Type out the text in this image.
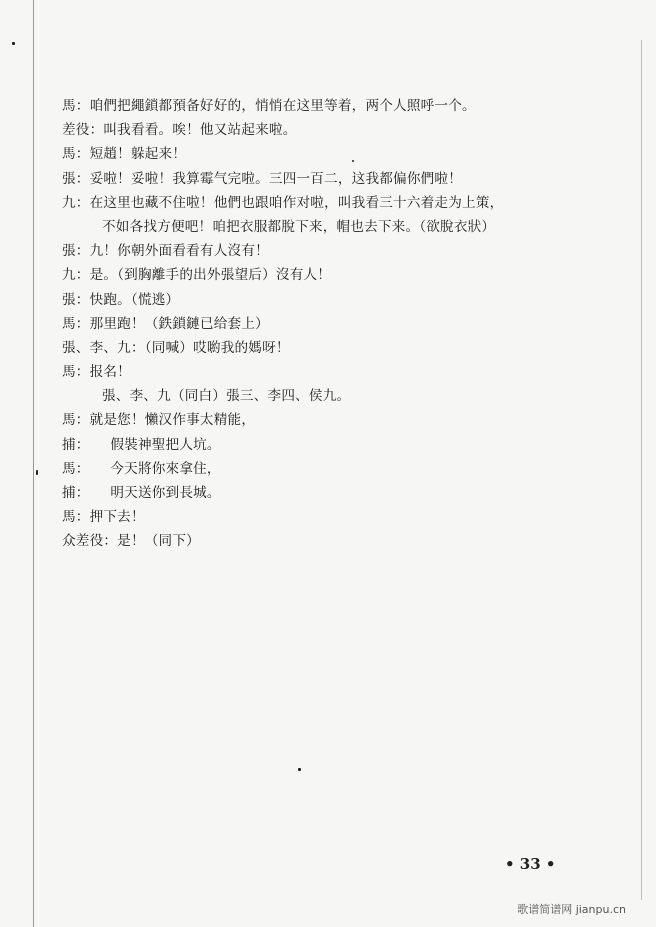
馬：咱們把繩鎖都預备好好的，悄悄在这里等着，两个人照呼一个。
差役：叫我看看。唉！他又站起来啦。
馬：短趙！躲起来！
張：妥啦！妥啦！我算霉气完啦。三四一百二，这我都偏你們啦！
九：在这里也藏不住啦！他們也跟咱作对啦，叫我看三十六着走为上策，
不如各找方便吧！咱把衣服都脫下来，帽也去下来。（欲脫衣狀）
張：九！你朝外面看看有人沒有！
九：是。（到胸離手的出外張望后）沒有人！
張：快跑。（慌逃）
馬：那里跑！（鉄鎖鏈已给套上）
張、李、九：（同喊）哎喲我的媽呀！
馬：报名！
張、李、九（同白）張三、李四、侯九。
馬：就是您！懶汉作事太精能，
捕：　　假裝神聖把人坑。
馬：　　今天將你來拿住，
捕：　　明天送你到長城。
馬：押下去！
众差役：是！（同下）
• 33 •
歌谱简谱网 jianpu.cn
